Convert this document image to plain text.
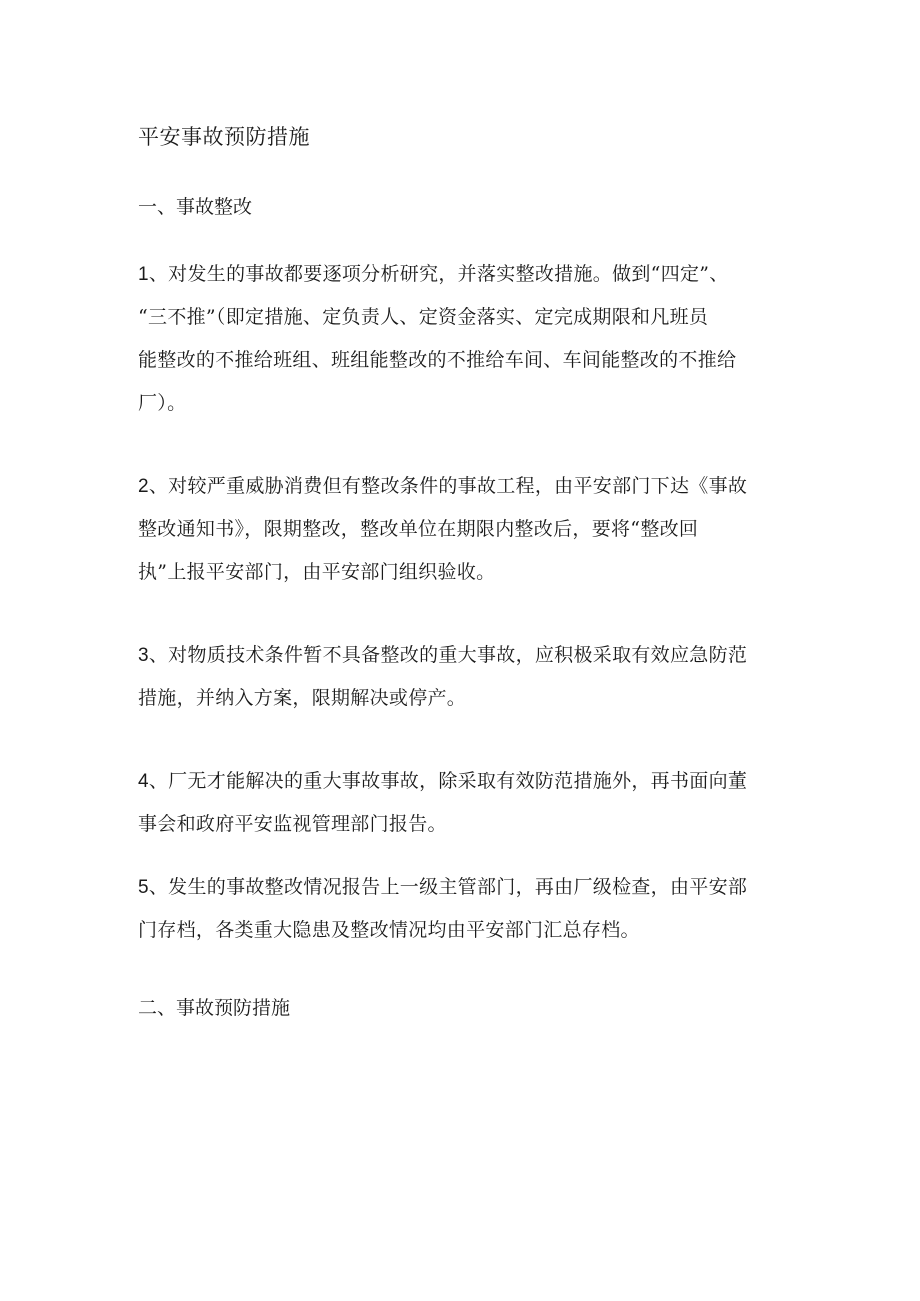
平安事故预防措施
一、事故整改

1、对发生的事故都要逐项分析研究，并落实整改措施。做到“四定”、
“三不推”（即定措施、定负责人、定资金落实、定完成期限和凡班员
能整改的不推给班组、班组能整改的不推给车间、车间能整改的不推给
厂）。

2、对较严重威胁消费但有整改条件的事故工程，由平安部门下达《事故
整改通知书》，限期整改，整改单位在期限内整改后，要将“整改回
执”上报平安部门，由平安部门组织验收。

3、对物质技术条件暂不具备整改的重大事故，应积极采取有效应急防范
措施，并纳入方案，限期解决或停产。

4、厂无才能解决的重大事故事故，除采取有效防范措施外，再书面向董
事会和政府平安监视管理部门报告。

5、发生的事故整改情况报告上一级主管部门，再由厂级检查，由平安部
门存档，各类重大隐患及整改情况均由平安部门汇总存档。

二、事故预防措施
